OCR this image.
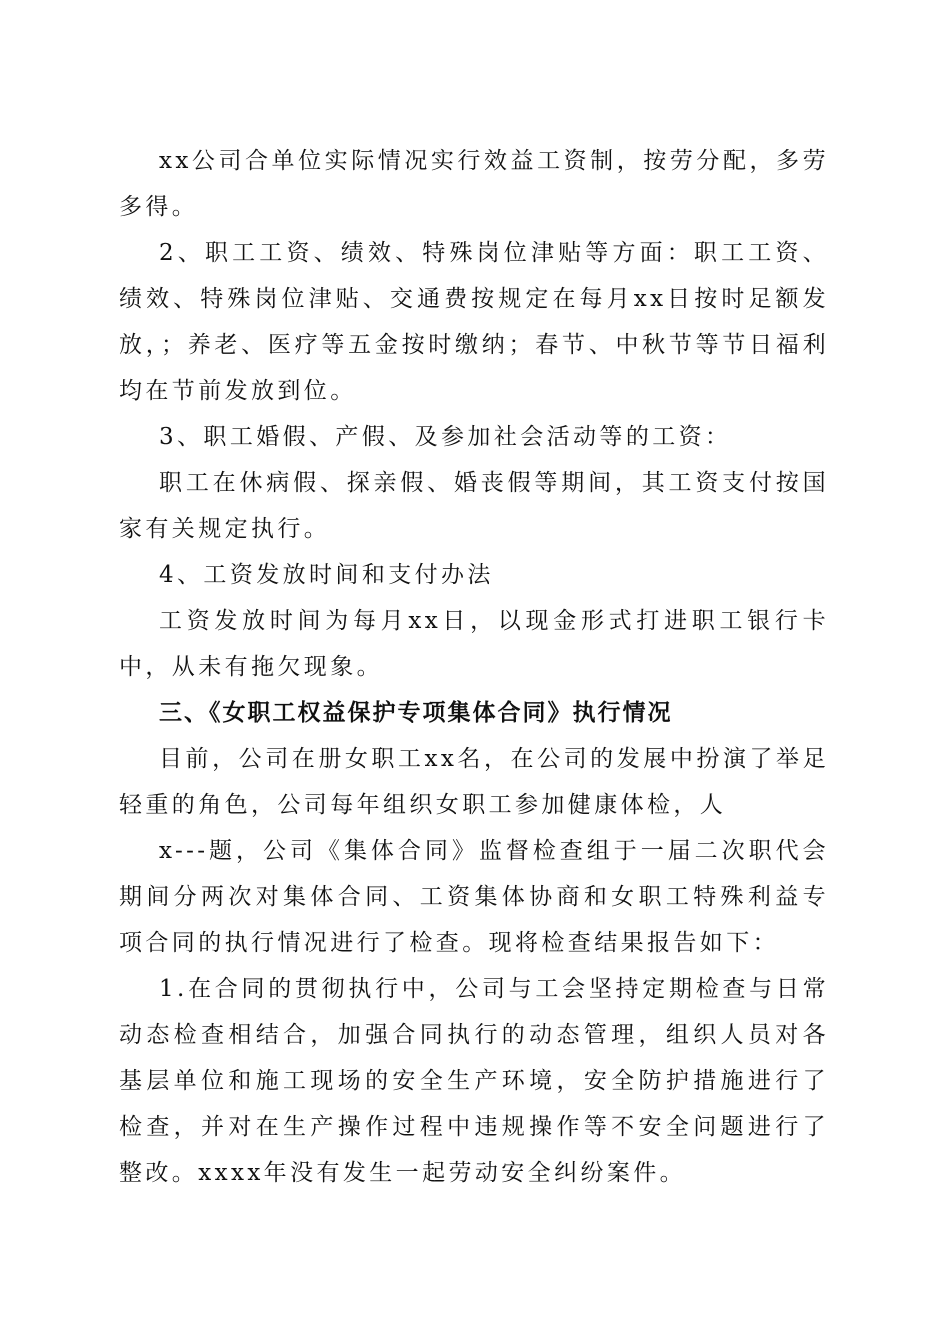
xx公司合单位实际情况实行效益工资制，按劳分配，多劳多得。

2、职工工资、绩效、特殊岗位津贴等方面：职工工资、绩效、特殊岗位津贴、交通费按规定在每月xx日按时足额发放，；养老、医疗等五金按时缴纳；春节、中秋节等节日福利均在节前发放到位。

3、职工婚假、产假、及参加社会活动等的工资：

职工在休病假、探亲假、婚丧假等期间，其工资支付按国家有关规定执行。

4、工资发放时间和支付办法

工资发放时间为每月xx日，以现金形式打进职工银行卡中，从未有拖欠现象。

三、《女职工权益保护专项集体合同》执行情况

目前，公司在册女职工xx名，在公司的发展中扮演了举足轻重的角色，公司每年组织女职工参加健康体检，人

x---题，公司《集体合同》监督检查组于一届二次职代会期间分两次对集体合同、工资集体协商和女职工特殊利益专项合同的执行情况进行了检查。现将检查结果报告如下：

1.在合同的贯彻执行中，公司与工会坚持定期检查与日常动态检查相结合，加强合同执行的动态管理，组织人员对各基层单位和施工现场的安全生产环境，安全防护措施进行了检查，并对在生产操作过程中违规操作等不安全问题进行了整改。xxxx年没有发生一起劳动安全纠纷案件。
